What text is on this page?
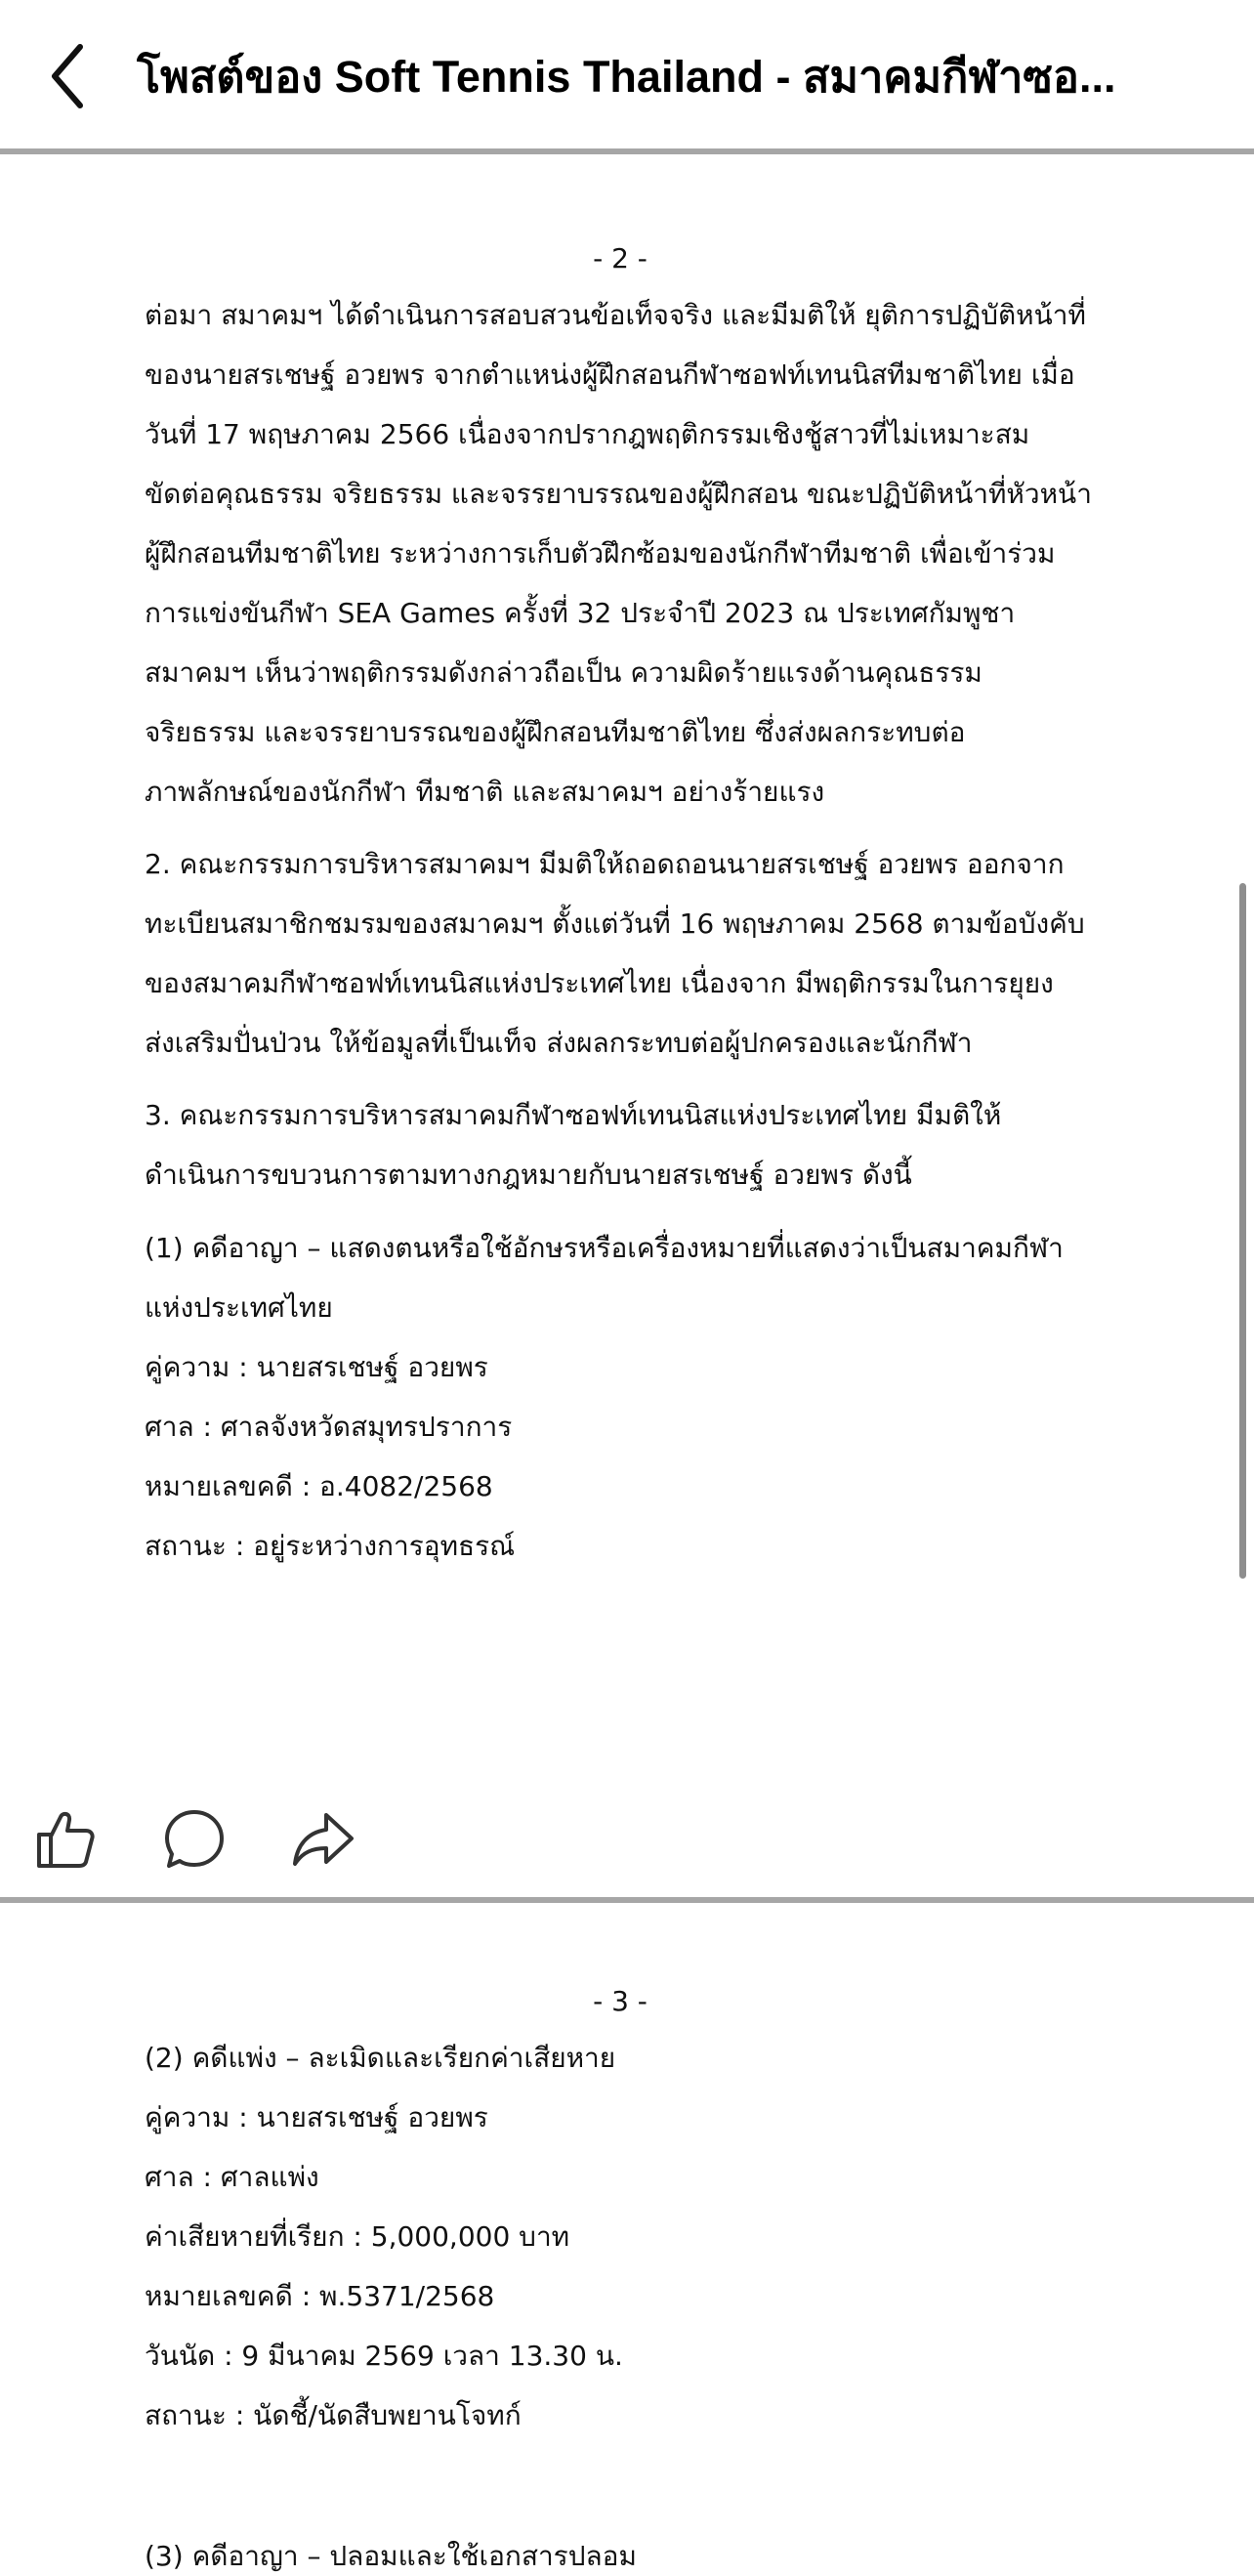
โพสต์ของ Soft Tennis Thailand - สมาคมกีฬาซอ...
- 2 -
ต่อมา สมาคมฯ ได้ดำเนินการสอบสวนข้อเท็จจริง และมีมติให้ ยุติการปฏิบัติหน้าที่
ของนายสรเชษฐ์ อวยพร จากตำแหน่งผู้ฝึกสอนกีฬาซอฟท์เทนนิสทีมชาติไทย เมื่อ
วันที่ 17 พฤษภาคม 2566 เนื่องจากปรากฎพฤติกรรมเชิงชู้สาวที่ไม่เหมาะสม
ขัดต่อคุณธรรม จริยธรรม และจรรยาบรรณของผู้ฝึกสอน ขณะปฏิบัติหน้าที่หัวหน้า
ผู้ฝึกสอนทีมชาติไทย ระหว่างการเก็บตัวฝึกซ้อมของนักกีฬาทีมชาติ เพื่อเข้าร่วม
การแข่งขันกีฬา SEA Games ครั้งที่ 32 ประจำปี 2023 ณ ประเทศกัมพูชา
สมาคมฯ เห็นว่าพฤติกรรมดังกล่าวถือเป็น ความผิดร้ายแรงด้านคุณธรรม
จริยธรรม และจรรยาบรรณของผู้ฝึกสอนทีมชาติไทย ซึ่งส่งผลกระทบต่อ
ภาพลักษณ์ของนักกีฬา ทีมชาติ และสมาคมฯ อย่างร้ายแรง
2. คณะกรรมการบริหารสมาคมฯ มีมติให้ถอดถอนนายสรเชษฐ์ อวยพร ออกจาก
ทะเบียนสมาชิกชมรมของสมาคมฯ ตั้งแต่วันที่ 16 พฤษภาคม 2568 ตามข้อบังคับ
ของสมาคมกีฬาซอฟท์เทนนิสแห่งประเทศไทย เนื่องจาก มีพฤติกรรมในการยุยง
ส่งเสริมปั่นป่วน ให้ข้อมูลที่เป็นเท็จ ส่งผลกระทบต่อผู้ปกครองและนักกีฬา
3. คณะกรรมการบริหารสมาคมกีฬาซอฟท์เทนนิสแห่งประเทศไทย มีมติให้
ดำเนินการขบวนการตามทางกฎหมายกับนายสรเชษฐ์ อวยพร ดังนี้
(1) คดีอาญา – แสดงตนหรือใช้อักษรหรือเครื่องหมายที่แสดงว่าเป็นสมาคมกีฬา
แห่งประเทศไทย
คู่ความ : นายสรเชษฐ์ อวยพร
ศาล : ศาลจังหวัดสมุทรปราการ
หมายเลขคดี : อ.4082/2568
สถานะ : อยู่ระหว่างการอุทธรณ์
- 3 -
(2) คดีแพ่ง – ละเมิดและเรียกค่าเสียหาย
คู่ความ : นายสรเชษฐ์ อวยพร
ศาล : ศาลแพ่ง
ค่าเสียหายที่เรียก : 5,000,000 บาท
หมายเลขคดี : พ.5371/2568
วันนัด : 9 มีนาคม 2569 เวลา 13.30 น.
สถานะ : นัดชี้/นัดสืบพยานโจทก์
(3) คดีอาญา – ปลอมและใช้เอกสารปลอม
